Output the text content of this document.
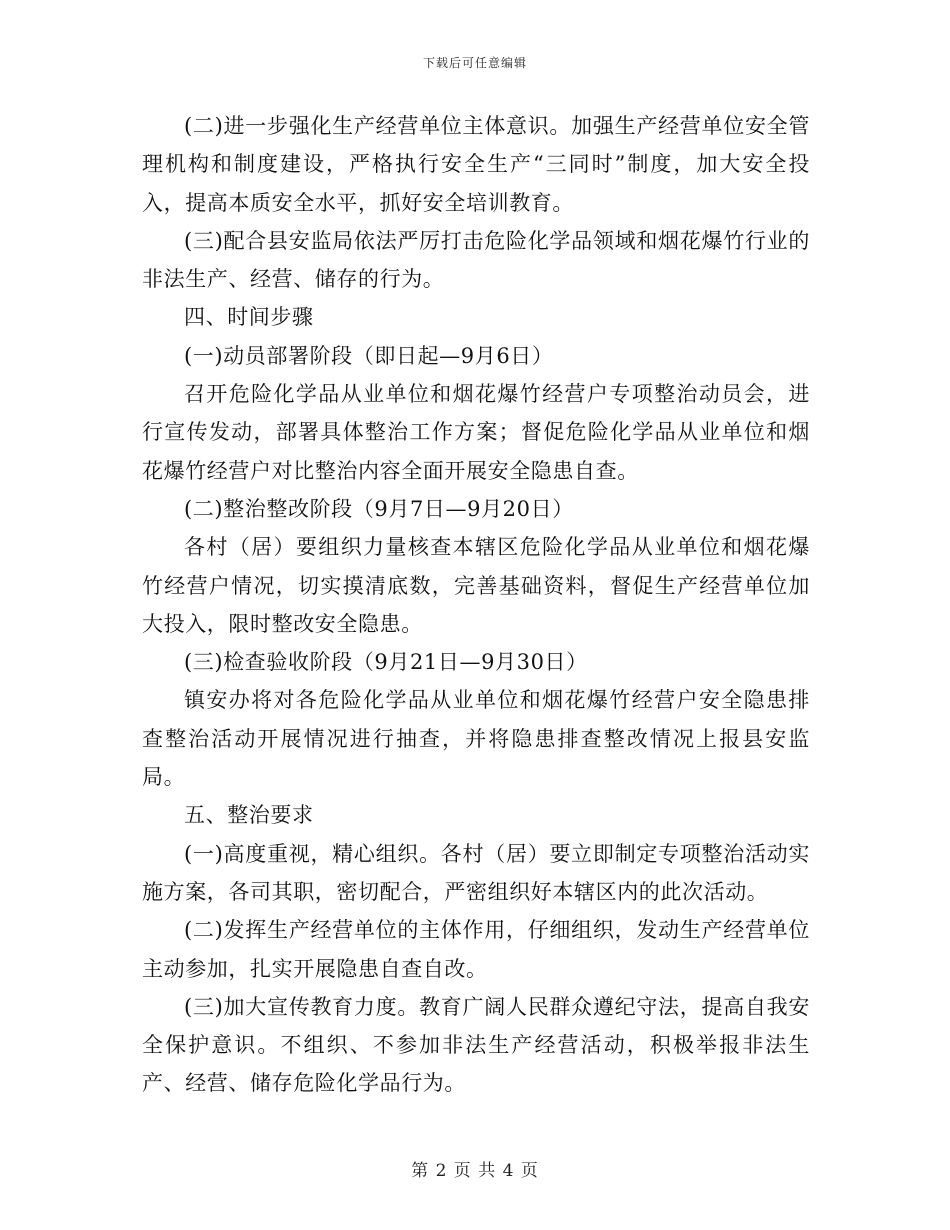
下载后可任意编辑

(二)进一步强化生产经营单位主体意识。加强生产经营单位安全管理机构和制度建设，严格执行安全生产“三同时”制度，加大安全投入，提高本质安全水平，抓好安全培训教育。

(三)配合县安监局依法严厉打击危险化学品领域和烟花爆竹行业的非法生产、经营、储存的行为。

四、时间步骤

(一)动员部署阶段（即日起—9月6日）

召开危险化学品从业单位和烟花爆竹经营户专项整治动员会，进行宣传发动，部署具体整治工作方案；督促危险化学品从业单位和烟花爆竹经营户对比整治内容全面开展安全隐患自查。

(二)整治整改阶段（9月7日—9月20日）

各村（居）要组织力量核查本辖区危险化学品从业单位和烟花爆竹经营户情况，切实摸清底数，完善基础资料，督促生产经营单位加大投入，限时整改安全隐患。

(三)检查验收阶段（9月21日—9月30日）

镇安办将对各危险化学品从业单位和烟花爆竹经营户安全隐患排查整治活动开展情况进行抽查，并将隐患排查整改情况上报县安监局。

五、整治要求

(一)高度重视，精心组织。各村（居）要立即制定专项整治活动实施方案，各司其职，密切配合，严密组织好本辖区内的此次活动。

(二)发挥生产经营单位的主体作用，仔细组织，发动生产经营单位主动参加，扎实开展隐患自查自改。

(三)加大宣传教育力度。教育广阔人民群众遵纪守法，提高自我安全保护意识。不组织、不参加非法生产经营活动，积极举报非法生产、经营、储存危险化学品行为。

第 2 页 共 4 页
